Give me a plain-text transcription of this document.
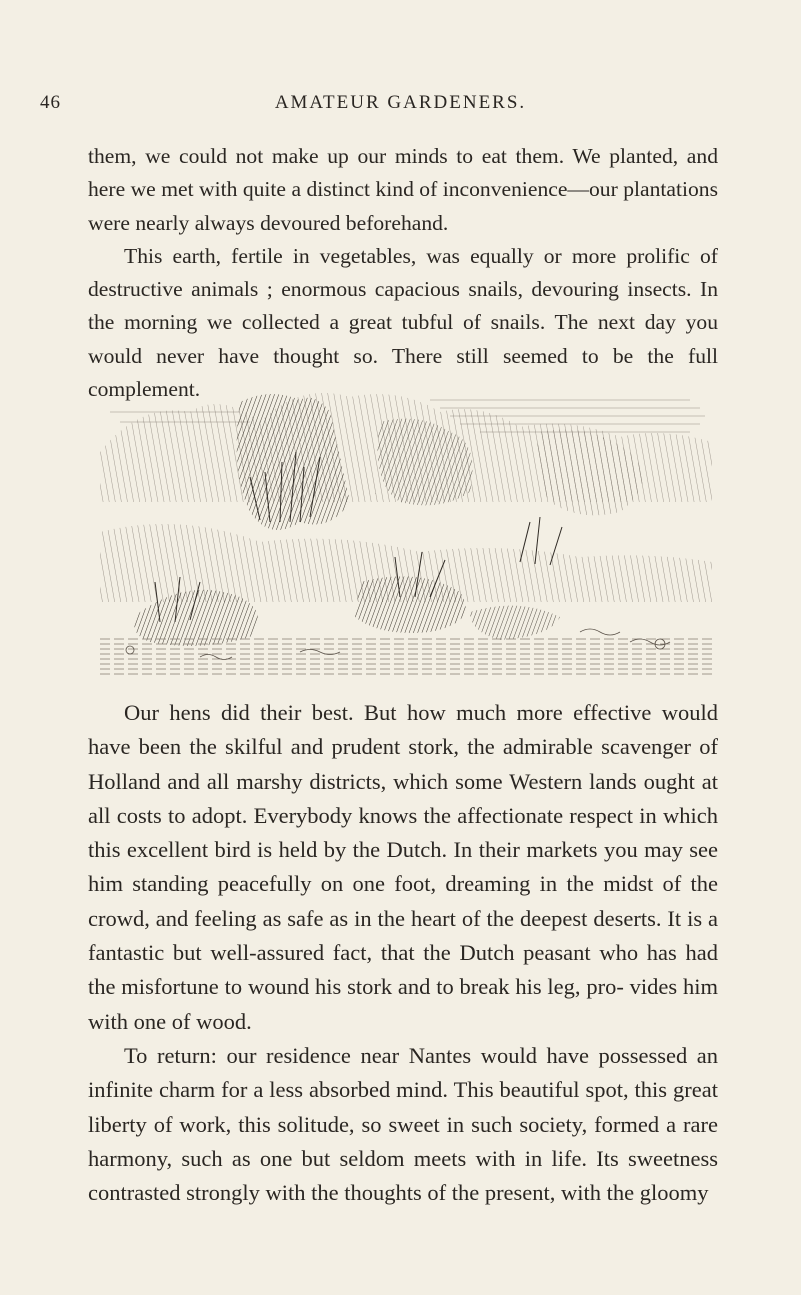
46	AMATEUR GARDENERS.

them, we could not make up our minds to eat them. We planted, and here we met with quite a distinct kind of inconvenience—our plantations were nearly always devoured beforehand.

This earth, fertile in vegetables, was equally or more prolific of destructive animals ; enormous capacious snails, devouring insects. In the morning we collected a great tubful of snails. The next day you would never have thought so. There still seemed to be the full complement.

Our hens did their best. But how much more effective would have been the skilful and prudent stork, the admirable scavenger of Holland and all marshy districts, which some Western lands ought at all costs to adopt. Everybody knows the affectionate respect in which this excellent bird is held by the Dutch. In their markets you may see him standing peacefully on one foot, dreaming in the midst of the crowd, and feeling as safe as in the heart of the deepest deserts. It is a fantastic but well-assured fact, that the Dutch peasant who has had the misfortune to wound his stork and to break his leg, pro- vides him with one of wood.

To return: our residence near Nantes would have possessed an infinite charm for a less absorbed mind. This beautiful spot, this great liberty of work, this solitude, so sweet in such society, formed a rare harmony, such as one but seldom meets with in life. Its sweetness contrasted strongly with the thoughts of the present, with the gloomy
